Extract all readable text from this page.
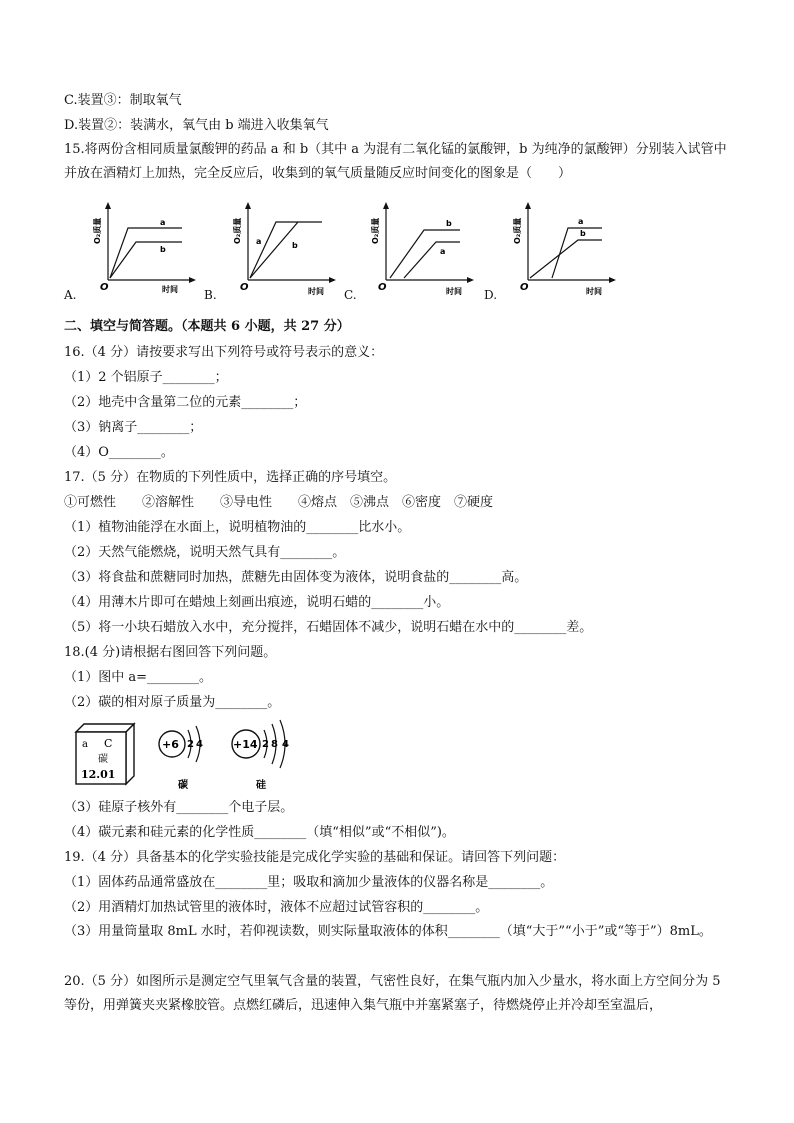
C.装置③：制取氧气
D.装置②：装满水，氧气由 b 端进入收集氧气
15.将两份含相同质量氯酸钾的药品 a 和 b（其中 a 为混有二氧化锰的氯酸钾，b 为纯净的氯酸钾）分别装入试管中并放在酒精灯上加热，完全反应后，收集到的氧气质量随反应时间变化的图象是（　　）
O₂质量
O	时间
a
b
A.
O₂质量
O	时间
a	b
B.
O₂质量
O	时间
b
a
C.
O₂质量
O	时间
a
b
D.
二、填空与简答题。（本题共 6 小题，共 27 分）
16.（4 分）请按要求写出下列符号或符号表示的意义：
（1）2 个铝原子________；
（2）地壳中含量第二位的元素________；
（3）钠离子________；
（4）O________。
17.（5 分）在物质的下列性质中，选择正确的序号填空。
①可燃性　　②溶解性　　③导电性　　④熔点　⑤沸点　⑥密度　⑦硬度
（1）植物油能浮在水面上，说明植物油的________比水小。
（2）天然气能燃烧，说明天然气具有________。
（3）将食盐和蔗糖同时加热，蔗糖先由固体变为液体，说明食盐的________高。
（4）用薄木片即可在蜡烛上刻画出痕迹，说明石蜡的________小。
（5）将一小块石蜡放入水中，充分搅拌，石蜡固体不减少，说明石蜡在水中的________差。
18.(4 分)请根据右图回答下列问题。
（1）图中 a=________。
（2）碳的相对原子质量为________。
a C
碳
12.01
+6 2 4
碳
+14 2 8 4
硅
（3）硅原子核外有________个电子层。
（4）碳元素和硅元素的化学性质________（填“相似”或“不相似”)。
19.（4 分）具备基本的化学实验技能是完成化学实验的基础和保证。请回答下列问题：
（1）固体药品通常盛放在________里；吸取和滴加少量液体的仪器名称是________。
（2）用酒精灯加热试管里的液体时，液体不应超过试管容积的________。
（3）用量筒量取 8mL 水时，若仰视读数，则实际量取液体的体积________（填“大于”“小于”或“等于”）8mL。
20.（5 分）如图所示是测定空气里氧气含量的装置，气密性良好，在集气瓶内加入少量水，将水面上方空间分为 5 等份，用弹簧夹夹紧橡胶管。点燃红磷后，迅速伸入集气瓶中并塞紧塞子，待燃烧停止并冷却至室温后，
